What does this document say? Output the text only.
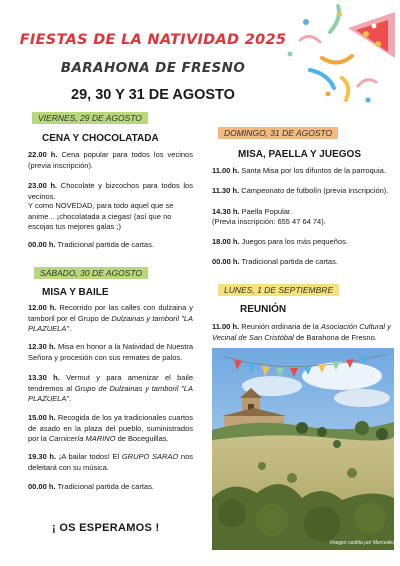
FIESTAS DE LA NATIVIDAD 2025
BARAHONA DE FRESNO
29, 30 Y 31 DE AGOSTO
VIERNES, 29 DE AGOSTO
CENA Y CHOCOLATADA
22.00 h. Cena popular para todos los vecinos (previa inscripción).
23.00 h. Chocolate y bizcochos para todos los vecinos.
Y como NOVEDAD, para todo aquel que se anime... ¡chocolatada a ciegas! (así que no escojas tus mejores galas ;)
00.00 h. Tradicional partida de cartas.
SÁBADO, 30 DE AGOSTO
MISA Y BAILE
12.00 h. Recorrido por las calles con dulzaina y tamboril por el Grupo de Dulzainas y tamboril "LA PLAZUELA".
12.30 h. Misa en honor a la Natividad de Nuestra Señora y procesión con sus remates de palos.
13.30 h. Vermut y para amenizar el baile tendremos al Grupo de Dulzainas y tamboril "LA PLAZUELA".
15.00 h. Recogida de los ya tradicionales cuartos de asado en la plaza del pueblo, suministrados por la Carnicería MARINO de Boceguillas.
19.30 h. ¡A bailar todos! El GRUPO SARAO nos deleitará con su música.
00.00 h. Tradicional partida de cartas.
¡ OS ESPERAMOS !
DOMINGO, 31 DE AGOSTO
MISA, PAELLA Y JUEGOS
11.00 h. Santa Misa por los difuntos de la parroquia.
11.30 h. Campeonato de futbolín (previa inscripción).
14.30 h. Paella Popular.
(Previa inscripción: 655 47 64 74).
18.00 h. Juegos para los más pequeños.
00.00 h. Tradicional partida de cartas.
LUNES, 1 DE SEPTIEMBRE
REUNIÓN
11.00 h. Reunión ordinaria de la Asociación Cultural y Vecinal de San Cristóbal de Barahona de Fresno.
Imagen cedida por Mercedes
